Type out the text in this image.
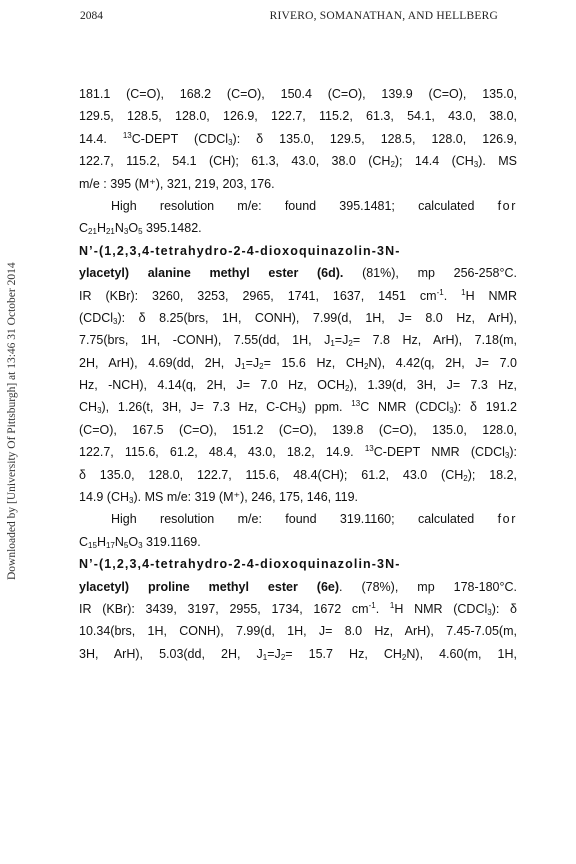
2084	RIVERO, SOMANATHAN, AND HELLBERG
Downloaded by [University Of Pittsburgh] at 13:46 31 October 2014
181.1 (C=O), 168.2 (C=O), 150.4 (C=O), 139.9 (C=O), 135.0,
129.5, 128.5, 128.0, 126.9, 122.7, 115.2, 61.3, 54.1, 43.0, 38.0,
14.4. $^{13}$C-DEPT (CDCl$_3$): δ 135.0, 129.5, 128.5, 128.0, 126.9,
122.7, 115.2, 54.1 (CH); 61.3, 43.0, 38.0 $(CH_2)$; 14.4 $(CH_3)$. MS
m/e : 395 (M⁺), 321, 219, 203, 176.
High resolution m/e: found 395.1481; calculated for
$C_{21}H_{21}N_3O_5$ 395.1482.
N’-(1,2,3,4-tetrahydro-2-4-dioxoquinazolin-3N-
ylacetyl) alanine methyl ester (6d). (81%), mp 256-258°C.
IR (KBr): 3260, 3253, 2965, 1741, 1637, 1451 $cm^{-1}$. $^1$H NMR
(CDCl$_3$): δ 8.25(brs, 1H, CONH), 7.99(d, 1H, J= 8.0 Hz, ArH),
7.75(brs, 1H, -CONH), 7.55(dd, 1H, $J_1=J_2= 7.8$ Hz, ArH), 7.18(m,
2H, ArH), 4.69(dd, 2H, $J_1=J_2= 15.6$ Hz, $CH_2N$), 4.42(q, 2H, J= 7.0
Hz, -NCH), 4.14(q, 2H, J= 7.0 Hz, $OCH_2$), 1.39(d, 3H, J= 7.3 Hz,
$CH_3$), 1.26(t, 3H, J= 7.3 Hz, $C-CH_3$) ppm. $^{13}$C NMR (CDCl$_3$): δ 191.2
(C=O), 167.5 (C=O), 151.2 (C=O), 139.8 (C=O), 135.0, 128.0,
122.7, 115.6, 61.2, 48.4, 43.0, 18.2, 14.9. $^{13}$C-DEPT NMR (CDCl$_3$):
δ 135.0, 128.0, 122.7, 115.6, 48.4(CH); 61.2, 43.0 $(CH_2)$; 18.2,
14.9 $(CH_3)$. MS m/e: 319 (M⁺), 246, 175, 146, 119.
High resolution m/e: found 319.1160; calculated for
$C_{15}H_{17}N_5O_3$ 319.1169.
N’-(1,2,3,4-tetrahydro-2-4-dioxoquinazolin-3N-
ylacetyl) proline methyl ester (6e). (78%), mp 178-180°C.
IR (KBr): 3439, 3197, 2955, 1734, 1672 $cm^{-1}$. $^1$H NMR (CDCl$_3$): δ
10.34(brs, 1H, CONH), 7.99(d, 1H, J= 8.0 Hz, ArH), 7.45-7.05(m,
3H, ArH), 5.03(dd, 2H, $J_1=J_2= 15.7$ Hz, $CH_2N$), 4.60(m, 1H,
